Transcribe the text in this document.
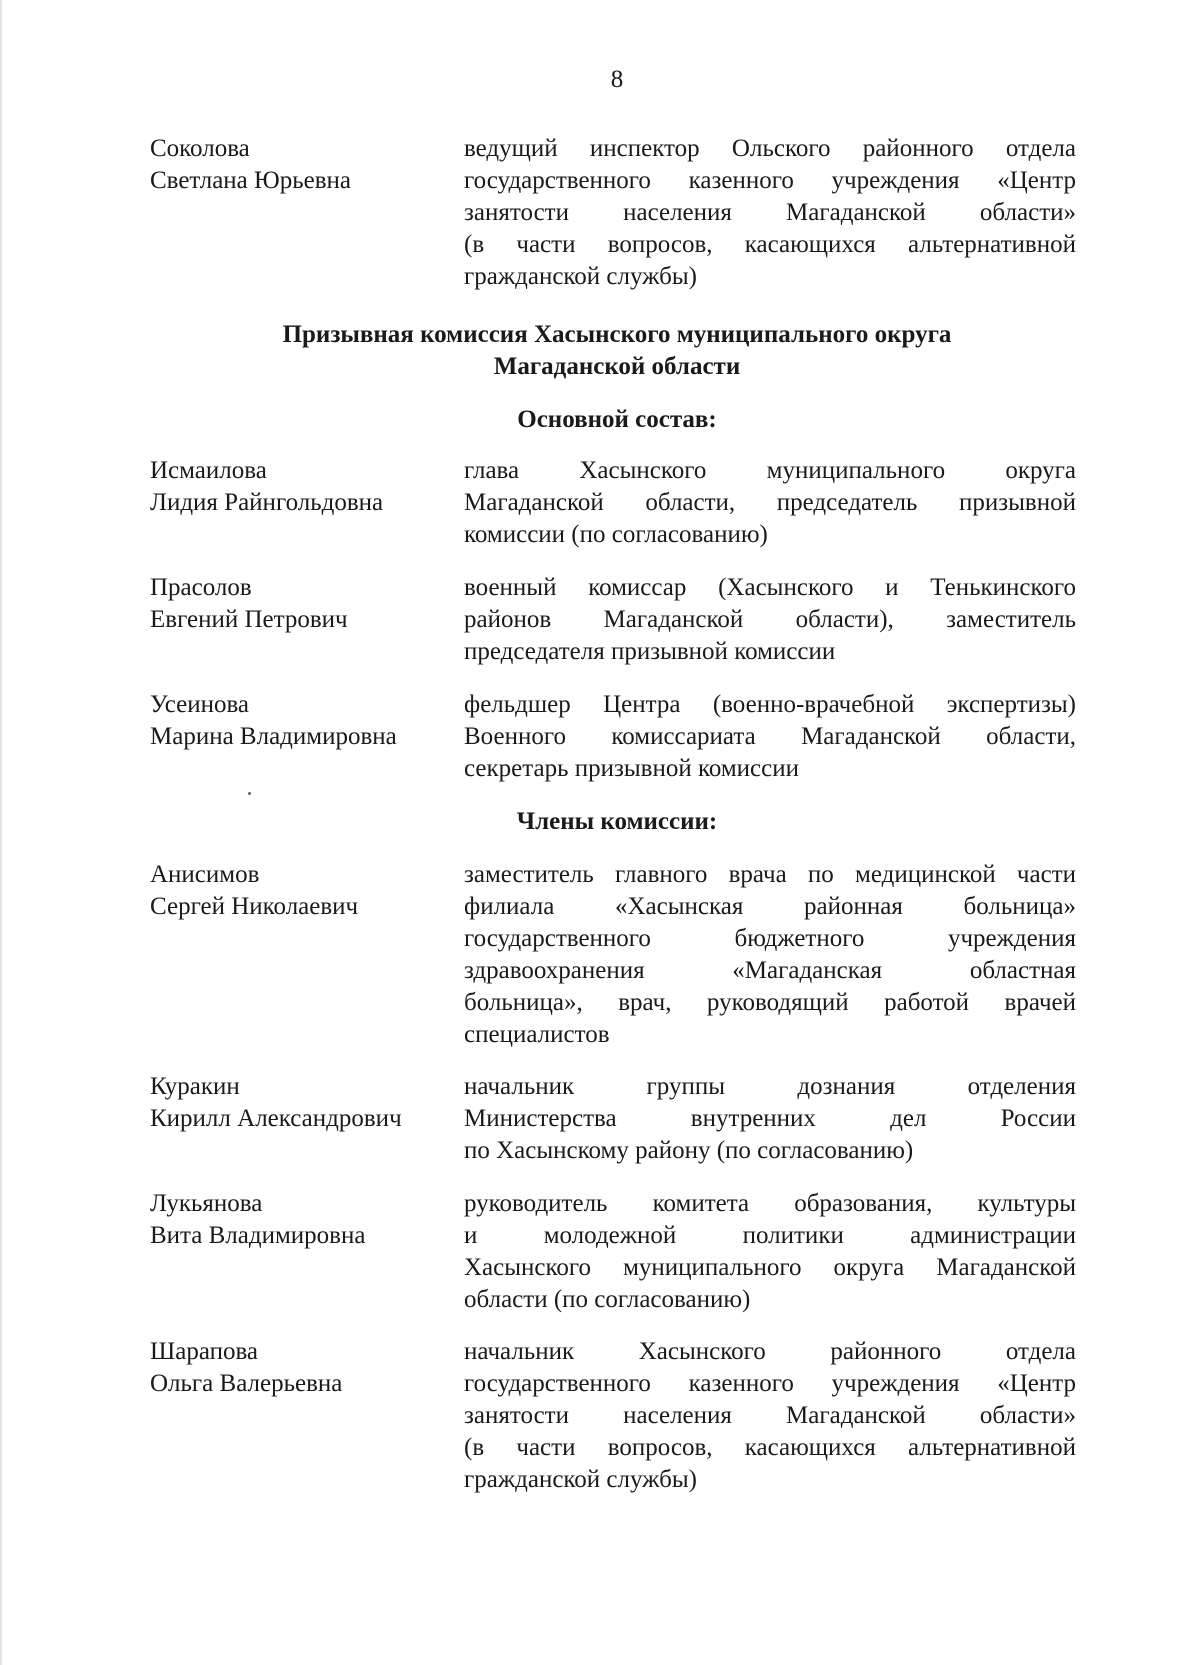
8
Соколова
Светлана Юрьевна
ведущий инспектор Ольского районного отдела
государственного казенного учреждения «Центр
занятости населения Магаданской области»
(в части вопросов, касающихся альтернативной
гражданской службы)
Призывная комиссия Хасынского муниципального округа
Магаданской области
Основной состав:
Исмаилова
Лидия Райнгольдовна
глава Хасынского муниципального округа
Магаданской области, председатель призывной
комиссии (по согласованию)
Прасолов
Евгений Петрович
военный комиссар (Хасынского и Тенькинского
районов Магаданской области), заместитель
председателя призывной комиссии
Усеинова
Марина Владимировна
фельдшер Центра (военно-врачебной экспертизы)
Военного комиссариата Магаданской области,
секретарь призывной комиссии
Члены комиссии:
Анисимов
Сергей Николаевич
заместитель главного врача по медицинской части
филиала «Хасынская районная больница»
государственного бюджетного учреждения
здравоохранения «Магаданская областная
больница», врач, руководящий работой врачей
специалистов
Куракин
Кирилл Александрович
начальник группы дознания отделения
Министерства внутренних дел России
по Хасынскому району (по согласованию)
Лукьянова
Вита Владимировна
руководитель комитета образования, культуры
и молодежной политики администрации
Хасынского муниципального округа Магаданской
области (по согласованию)
Шарапова
Ольга Валерьевна
начальник Хасынского районного отдела
государственного казенного учреждения «Центр
занятости населения Магаданской области»
(в части вопросов, касающихся альтернативной
гражданской службы)
